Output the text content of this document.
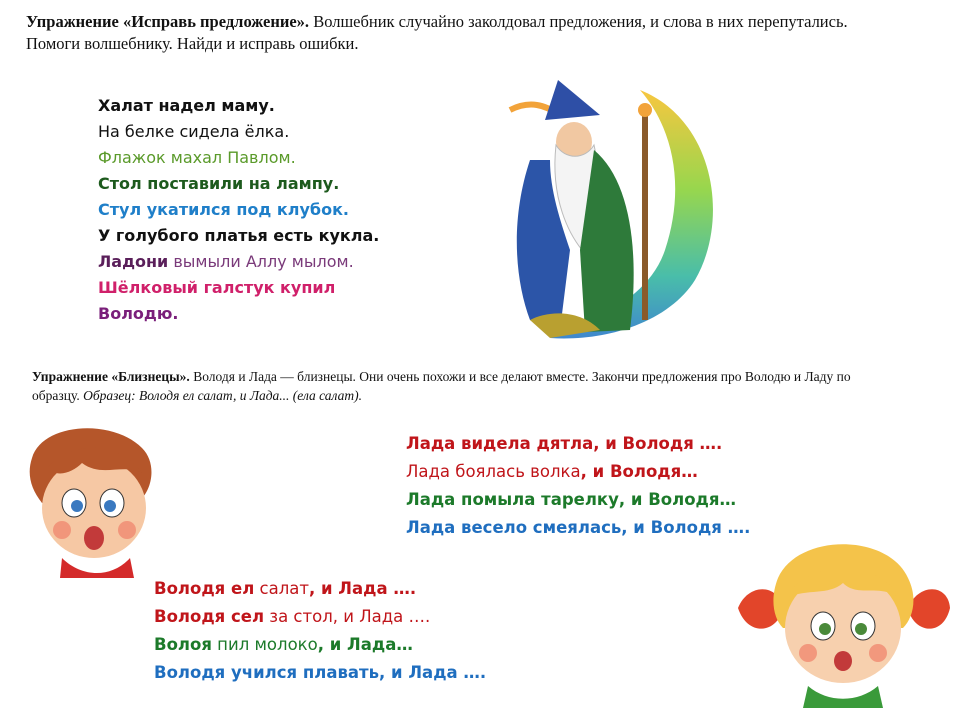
Упражнение «Исправь предложение». Волшебник случайно заколдовал предложения, и слова в них перепутались. Помоги волшебнику. Найди и исправь ошибки.
Халат надел маму.
На белке сидела ёлка.
Флажок махал Павлом.
Стол поставили на лампу.
Стул укатился под клубок.
У голубого платья есть кукла.
Ладони вымыли Аллу мылом.
Шёлковый галстук купил
Володю.
Упражнение «Близнецы». Володя и Лада — близнецы. Они очень похожи и все делают вместе. Закончи предложения про Володю и Ладу по образцу. Образец: Володя ел салат, и Лада... (ела салат).
Лада видела дятла, и Володя ….
Лада боялась волка, и Володя…
Лада помыла тарелку, и Володя…
Лада весело смеялась, и Володя ….
Володя ел салат, и Лада ….
Володя сел за стол, и Лада ….
Волоя пил молоко, и Лада…
Володя учился плавать, и Лада ….
